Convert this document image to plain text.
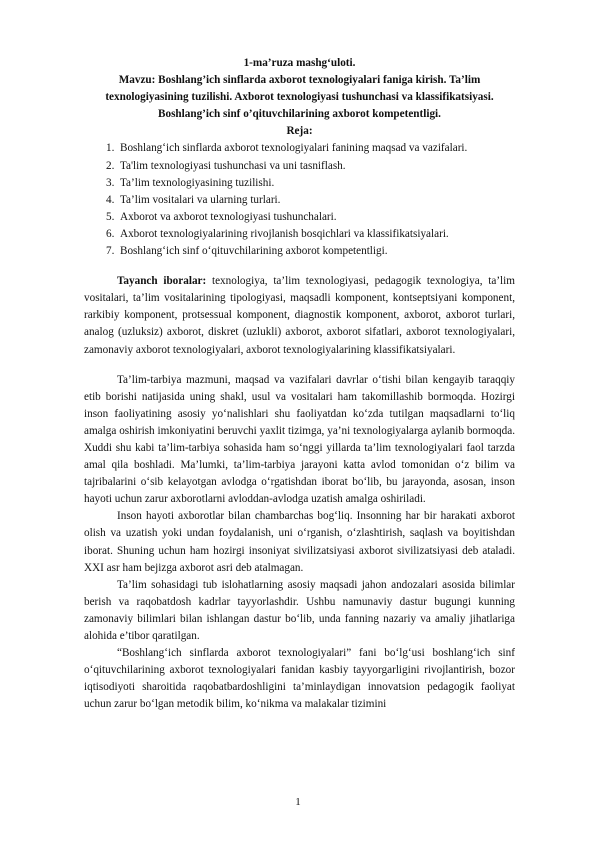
1-ma’ruza mashg‘uloti.
Mavzu: Boshlang’ich sinflarda axborot texnologiyalari faniga kirish. Ta’lim
texnologiyasining tuzilishi. Axborot texnologiyasi tushunchasi va klassifikatsiyasi.
Boshlang’ich sinf o’qituvchilarining axborot kompetentligi.
Reja:
1. Boshlang‘ich sinflarda axborot texnologiyalari fanining maqsad va vazifalari.
2. Ta'lim texnologiyasi tushunchasi va uni tasniflash.
3. Ta’lim texnologiyasining tuzilishi.
4. Ta’lim vositalari va ularning turlari.
5. Axborot va axborot texnologiyasi tushunchalari.
6. Axborot texnologiyalarining rivojlanish bosqichlari va klassifikatsiyalari.
7. Boshlang‘ich sinf o‘qituvchilarining axborot kompetentligi.

Tayanch iboralar: texnologiya, ta’lim texnologiyasi, pedagogik texnologiya, ta’lim vositalari, ta’lim vositalarining tipologiyasi, maqsadli komponent, kontseptsiyani komponent, rarkibiy komponent, protsessual komponent, diagnostik komponent, axborot, axborot turlari, analog (uzluksiz) axborot, diskret (uzlukli) axborot, axborot sifatlari, axborot texnologiyalari, zamonaviy axborot texnologiyalari, axborot texnologiyalarining klassifikatsiyalari.

Ta’lim-tarbiya mazmuni, maqsad va vazifalari davrlar o‘tishi bilan kengayib taraqqiy etib borishi natijasida uning shakl, usul va vositalari ham takomillashib bormoqda. Hozirgi inson faoliyatining asosiy yo‘nalishlari shu faoliyatdan ko‘zda tutilgan maqsadlarni to‘liq amalga oshirish imkoniyatini beruvchi yaxlit tizimga, ya’ni texnologiyalarga aylanib bormoqda. Xuddi shu kabi ta’lim-tarbiya sohasida ham so‘nggi yillarda ta’lim texnologiyalari faol tarzda amal qila boshladi. Ma’lumki, ta’lim-tarbiya jarayoni katta avlod tomonidan o‘z bilim va tajribalarini o‘sib kelayotgan avlodga o‘rgatishdan iborat bo‘lib, bu jarayonda, asosan, inson hayoti uchun zarur axborotlarni avloddan-avlodga uzatish amalga oshiriladi.

Inson hayoti axborotlar bilan chambarchas bog‘liq. Insonning har bir harakati axborot olish va uzatish yoki undan foydalanish, uni o‘rganish, o‘zlashtirish, saqlash va boyitishdan iborat. Shuning uchun ham hozirgi insoniyat sivilizatsiyasi axborot sivilizatsiyasi deb ataladi. XXI asr ham bejizga axborot asri deb atalmagan.

Ta’lim sohasidagi tub islohatlarning asosiy maqsadi jahon andozalari asosida bilimlar berish va raqobatdosh kadrlar tayyorlashdir. Ushbu namunaviy dastur bugungi kunning zamonaviy bilimlari bilan ishlangan dastur bo‘lib, unda fanning nazariy va amaliy jihatlariga alohida e’tibor qaratilgan.

“Boshlang‘ich sinflarda axborot texnologiyalari” fani bo‘lg‘usi boshlang‘ich sinf o‘qituvchilarining axborot texnologiyalari fanidan kasbiy tayyorgarligini rivojlantirish, bozor iqtisodiyoti sharoitida raqobatbardoshligini ta’minlaydigan innovatsion pedagogik faoliyat uchun zarur bo‘lgan metodik bilim, ko‘nikma va malakalar tizimini

1
